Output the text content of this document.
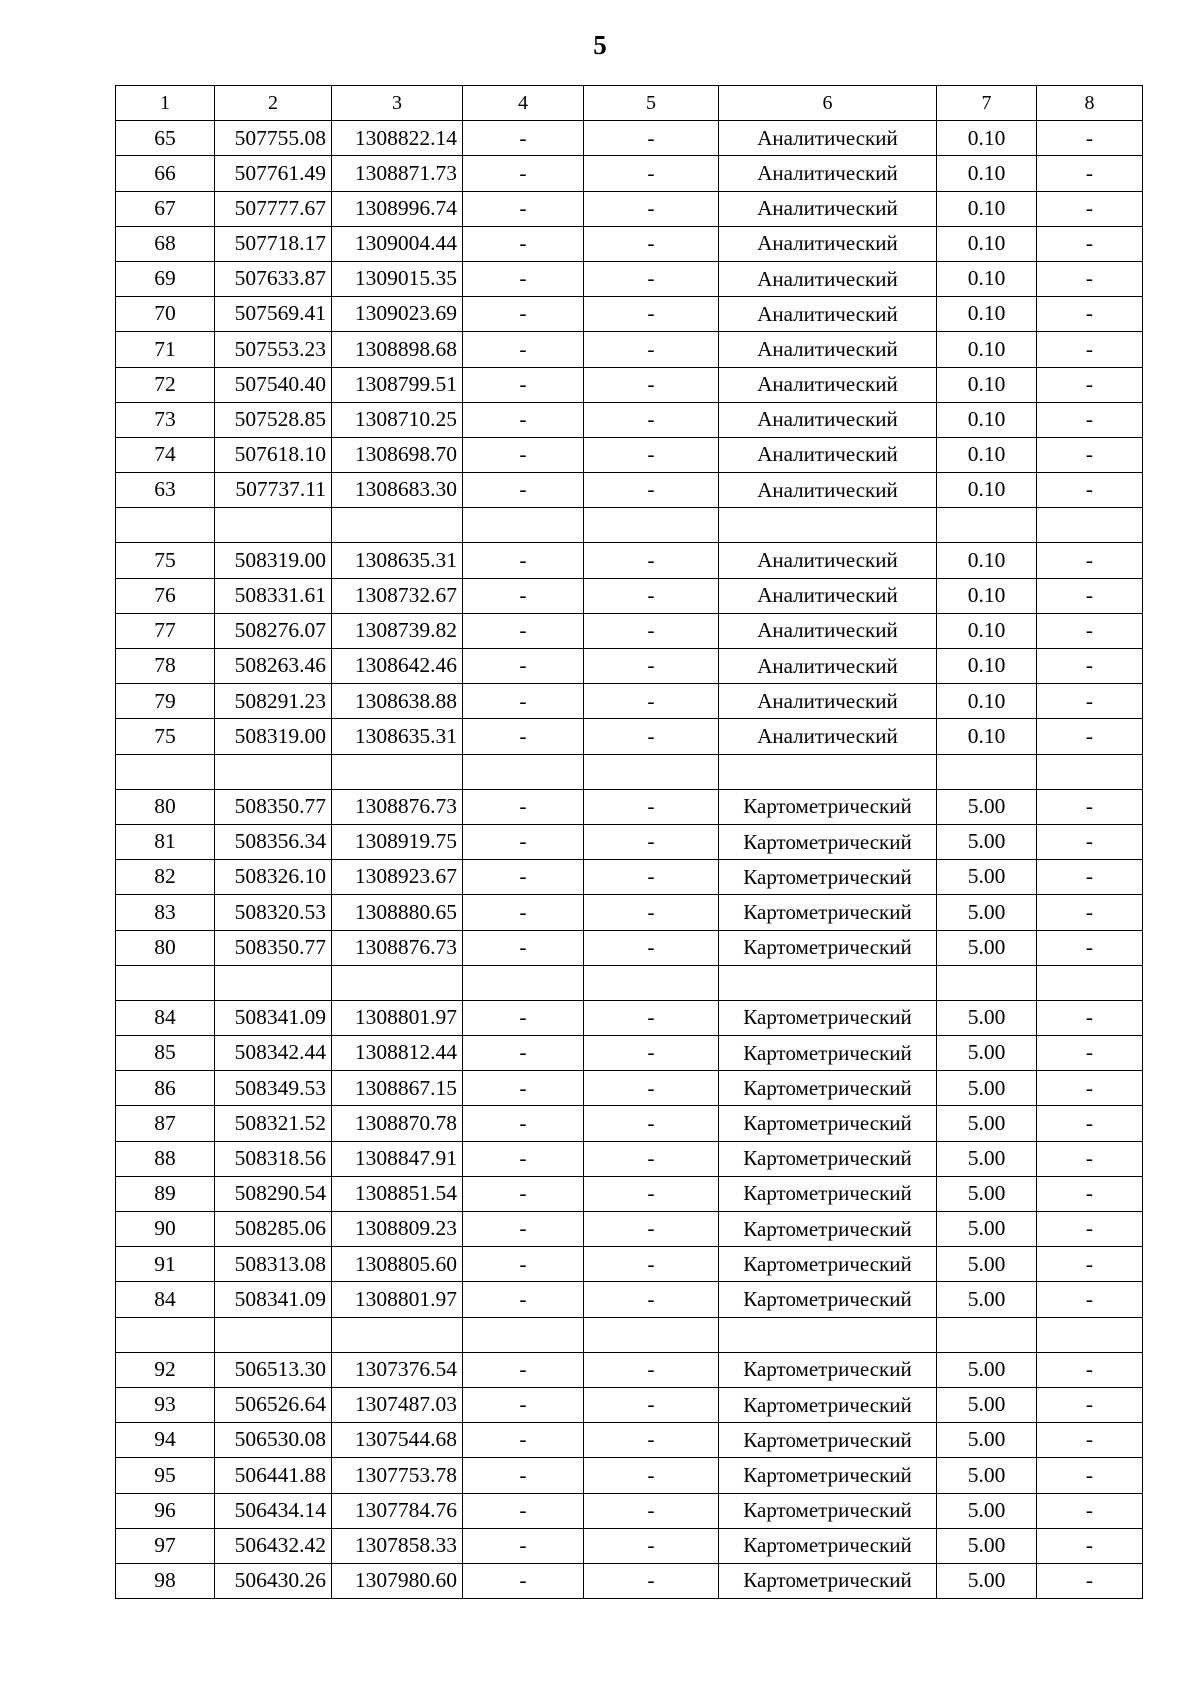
5
1	2	3	4	5	6	7	8
65	507755.08	1308822.14	-	-	Аналитический	0.10	-
66	507761.49	1308871.73	-	-	Аналитический	0.10	-
67	507777.67	1308996.74	-	-	Аналитический	0.10	-
68	507718.17	1309004.44	-	-	Аналитический	0.10	-
69	507633.87	1309015.35	-	-	Аналитический	0.10	-
70	507569.41	1309023.69	-	-	Аналитический	0.10	-
71	507553.23	1308898.68	-	-	Аналитический	0.10	-
72	507540.40	1308799.51	-	-	Аналитический	0.10	-
73	507528.85	1308710.25	-	-	Аналитический	0.10	-
74	507618.10	1308698.70	-	-	Аналитический	0.10	-
63	507737.11	1308683.30	-	-	Аналитический	0.10	-

75	508319.00	1308635.31	-	-	Аналитический	0.10	-
76	508331.61	1308732.67	-	-	Аналитический	0.10	-
77	508276.07	1308739.82	-	-	Аналитический	0.10	-
78	508263.46	1308642.46	-	-	Аналитический	0.10	-
79	508291.23	1308638.88	-	-	Аналитический	0.10	-
75	508319.00	1308635.31	-	-	Аналитический	0.10	-

80	508350.77	1308876.73	-	-	Картометрический	5.00	-
81	508356.34	1308919.75	-	-	Картометрический	5.00	-
82	508326.10	1308923.67	-	-	Картометрический	5.00	-
83	508320.53	1308880.65	-	-	Картометрический	5.00	-
80	508350.77	1308876.73	-	-	Картометрический	5.00	-

84	508341.09	1308801.97	-	-	Картометрический	5.00	-
85	508342.44	1308812.44	-	-	Картометрический	5.00	-
86	508349.53	1308867.15	-	-	Картометрический	5.00	-
87	508321.52	1308870.78	-	-	Картометрический	5.00	-
88	508318.56	1308847.91	-	-	Картометрический	5.00	-
89	508290.54	1308851.54	-	-	Картометрический	5.00	-
90	508285.06	1308809.23	-	-	Картометрический	5.00	-
91	508313.08	1308805.60	-	-	Картометрический	5.00	-
84	508341.09	1308801.97	-	-	Картометрический	5.00	-

92	506513.30	1307376.54	-	-	Картометрический	5.00	-
93	506526.64	1307487.03	-	-	Картометрический	5.00	-
94	506530.08	1307544.68	-	-	Картометрический	5.00	-
95	506441.88	1307753.78	-	-	Картометрический	5.00	-
96	506434.14	1307784.76	-	-	Картометрический	5.00	-
97	506432.42	1307858.33	-	-	Картометрический	5.00	-
98	506430.26	1307980.60	-	-	Картометрический	5.00	-
